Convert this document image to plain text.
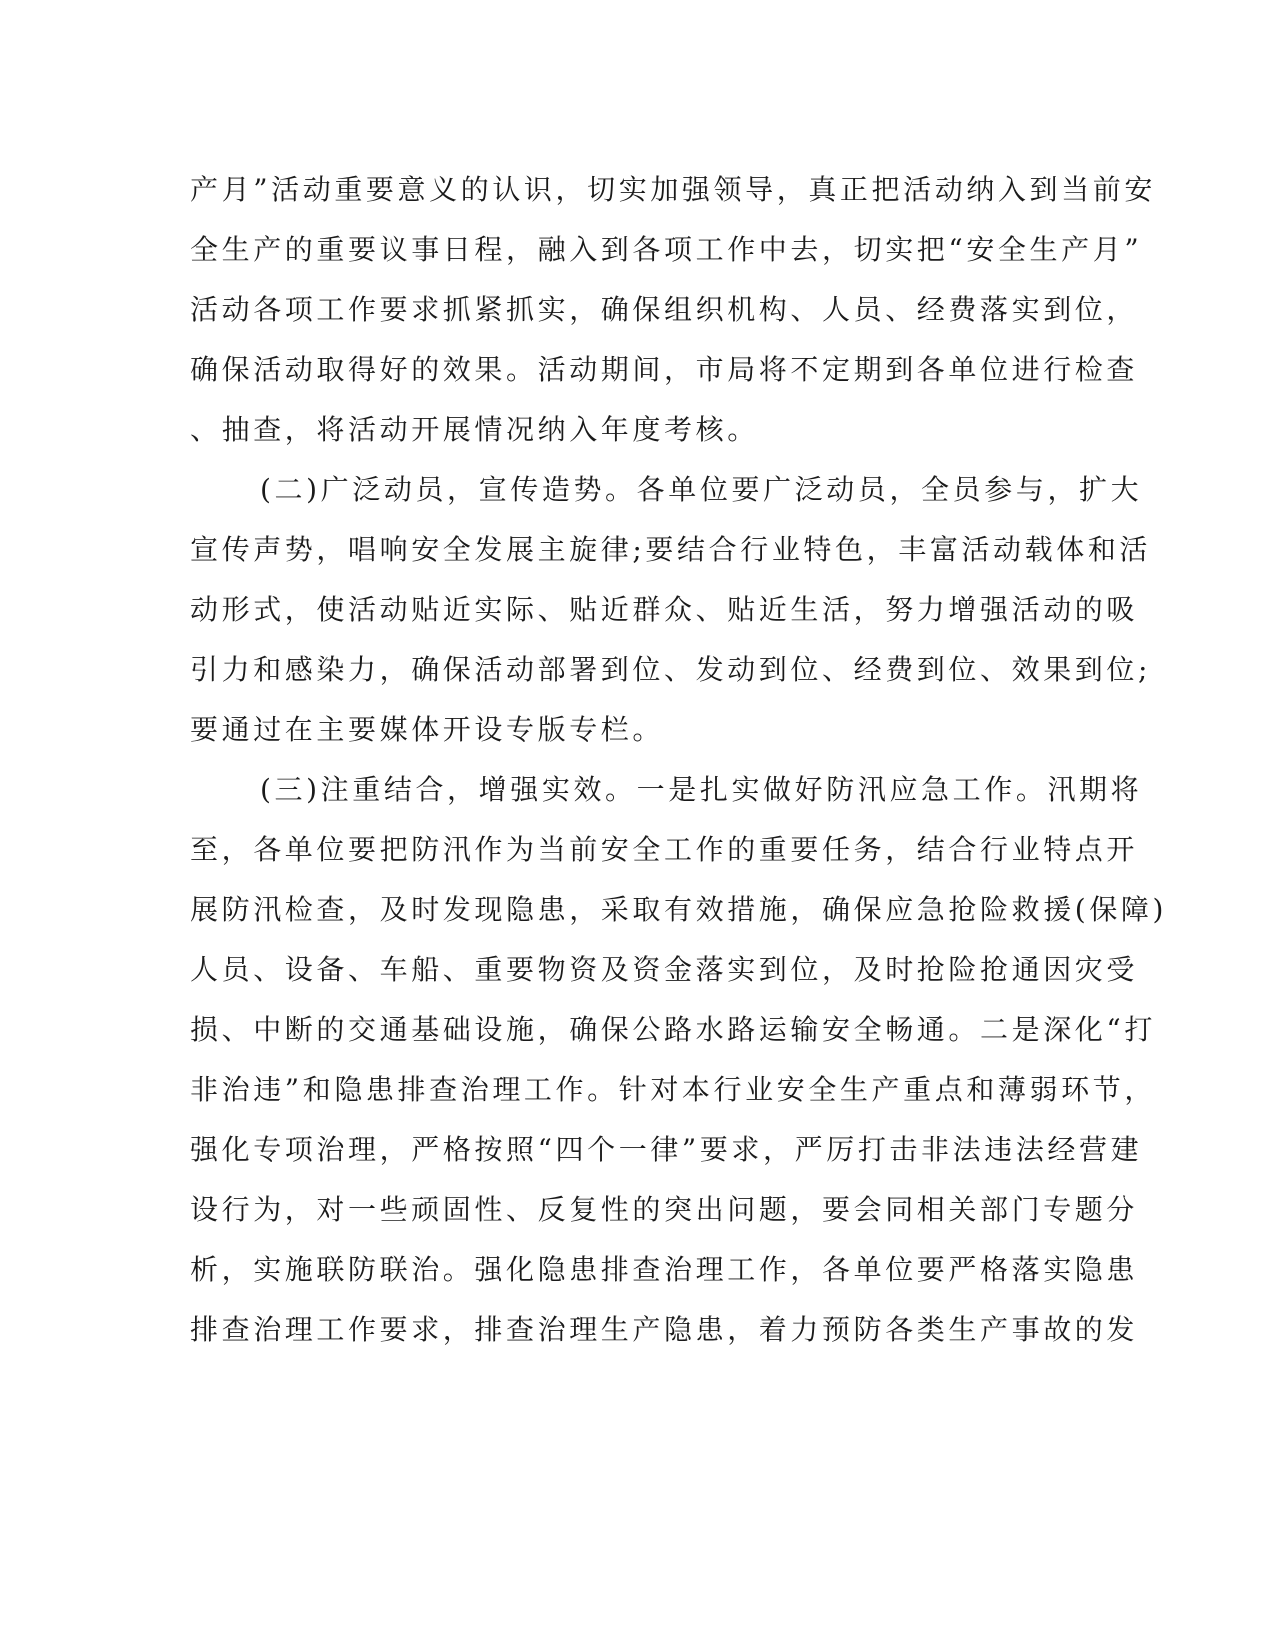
产月”活动重要意义的认识，切实加强领导，真正把活动纳入到当前安
全生产的重要议事日程，融入到各项工作中去，切实把“安全生产月”
活动各项工作要求抓紧抓实，确保组织机构、人员、经费落实到位，
确保活动取得好的效果。活动期间，市局将不定期到各单位进行检查
、抽查，将活动开展情况纳入年度考核。
(二)广泛动员，宣传造势。各单位要广泛动员，全员参与，扩大
宣传声势，唱响安全发展主旋律;要结合行业特色，丰富活动载体和活
动形式，使活动贴近实际、贴近群众、贴近生活，努力增强活动的吸
引力和感染力，确保活动部署到位、发动到位、经费到位、效果到位;
要通过在主要媒体开设专版专栏。
(三)注重结合，增强实效。一是扎实做好防汛应急工作。汛期将
至，各单位要把防汛作为当前安全工作的重要任务，结合行业特点开
展防汛检查，及时发现隐患，采取有效措施，确保应急抢险救援(保障)
人员、设备、车船、重要物资及资金落实到位，及时抢险抢通因灾受
损、中断的交通基础设施，确保公路水路运输安全畅通。二是深化“打
非治违”和隐患排查治理工作。针对本行业安全生产重点和薄弱环节，
强化专项治理，严格按照“四个一律”要求，严厉打击非法违法经营建
设行为，对一些顽固性、反复性的突出问题，要会同相关部门专题分
析，实施联防联治。强化隐患排查治理工作，各单位要严格落实隐患
排查治理工作要求，排查治理生产隐患，着力预防各类生产事故的发
